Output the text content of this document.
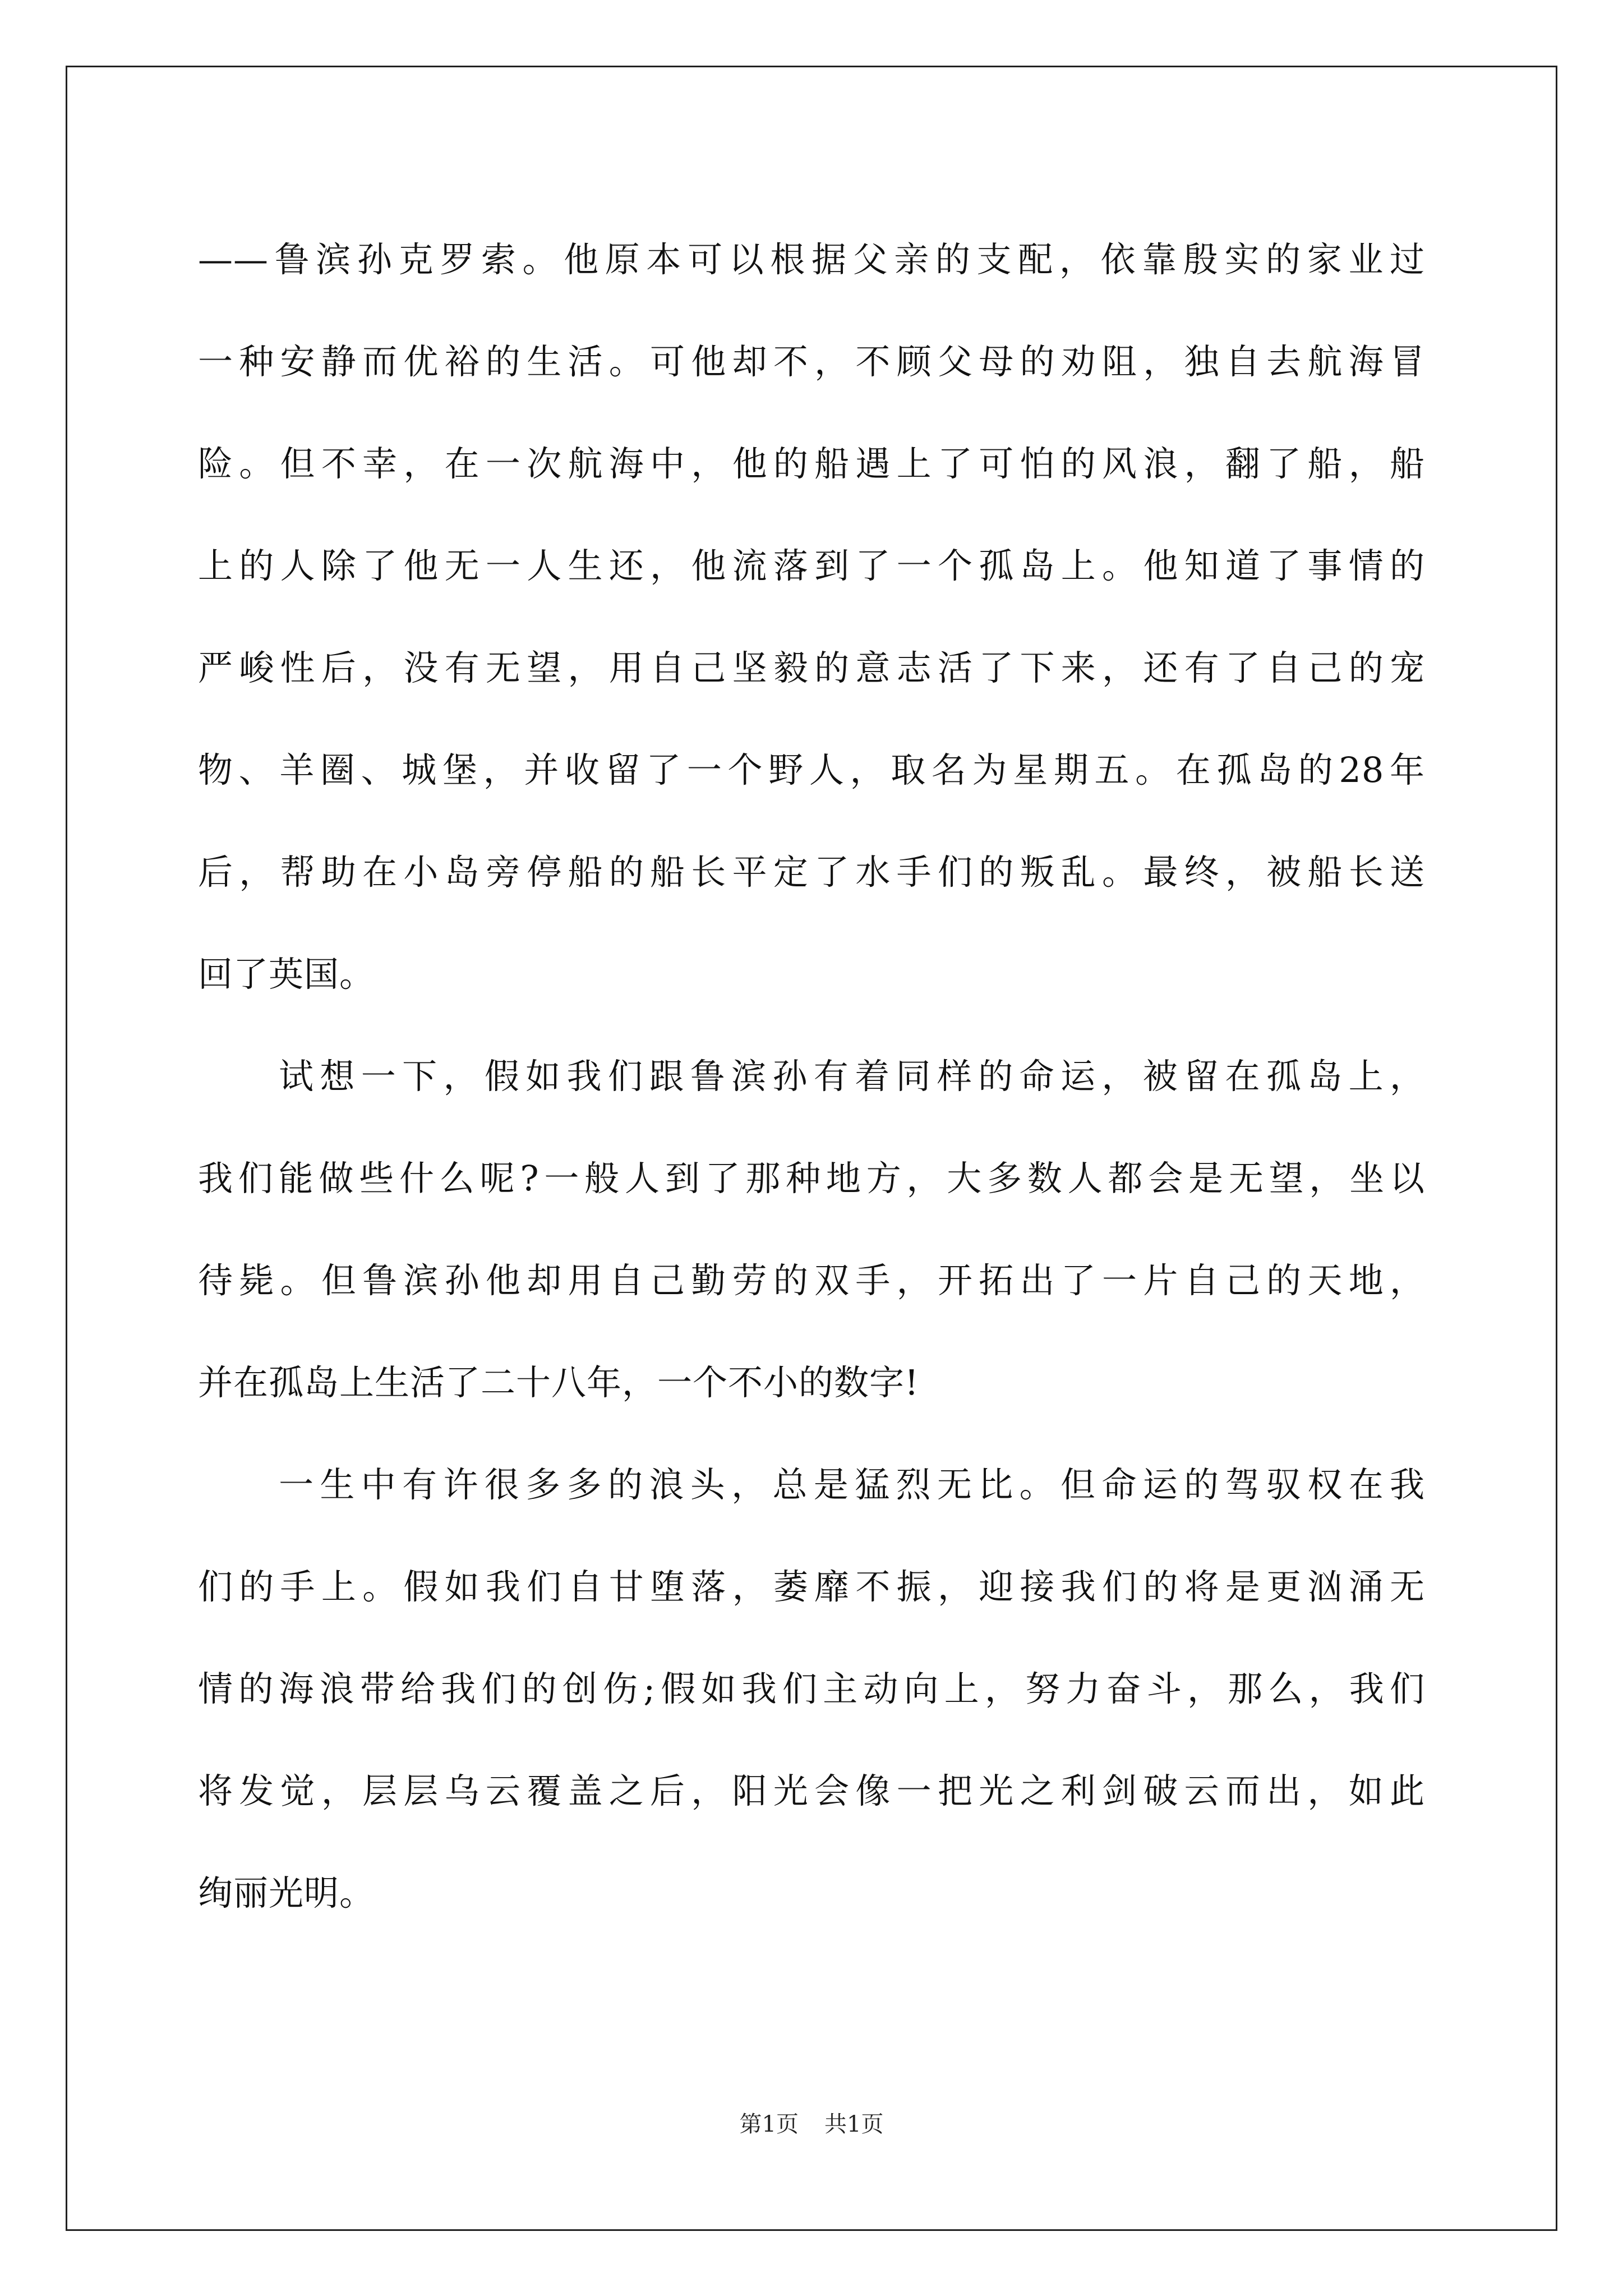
——鲁滨孙克罗索。他原本可以根据父亲的支配，依靠殷实的家业过
一种安静而优裕的生活。可他却不，不顾父母的劝阻，独自去航海冒
险。但不幸，在一次航海中，他的船遇上了可怕的风浪，翻了船，船
上的人除了他无一人生还，他流落到了一个孤岛上。他知道了事情的
严峻性后，没有无望，用自己坚毅的意志活了下来，还有了自己的宠
物、羊圈、城堡，并收留了一个野人，取名为星期五。在孤岛的28年
后，帮助在小岛旁停船的船长平定了水手们的叛乱。最终，被船长送
回了英国。
试想一下，假如我们跟鲁滨孙有着同样的命运，被留在孤岛上，
我们能做些什么呢?一般人到了那种地方，大多数人都会是无望，坐以
待毙。但鲁滨孙他却用自己勤劳的双手，开拓出了一片自己的天地，
并在孤岛上生活了二十八年，一个不小的数字!
一生中有许很多多的浪头，总是猛烈无比。但命运的驾驭权在我
们的手上。假如我们自甘堕落，萎靡不振，迎接我们的将是更汹涌无
情的海浪带给我们的创伤;假如我们主动向上，努力奋斗，那么，我们
将发觉，层层乌云覆盖之后，阳光会像一把光之利剑破云而出，如此
绚丽光明。
第1页 共1页
